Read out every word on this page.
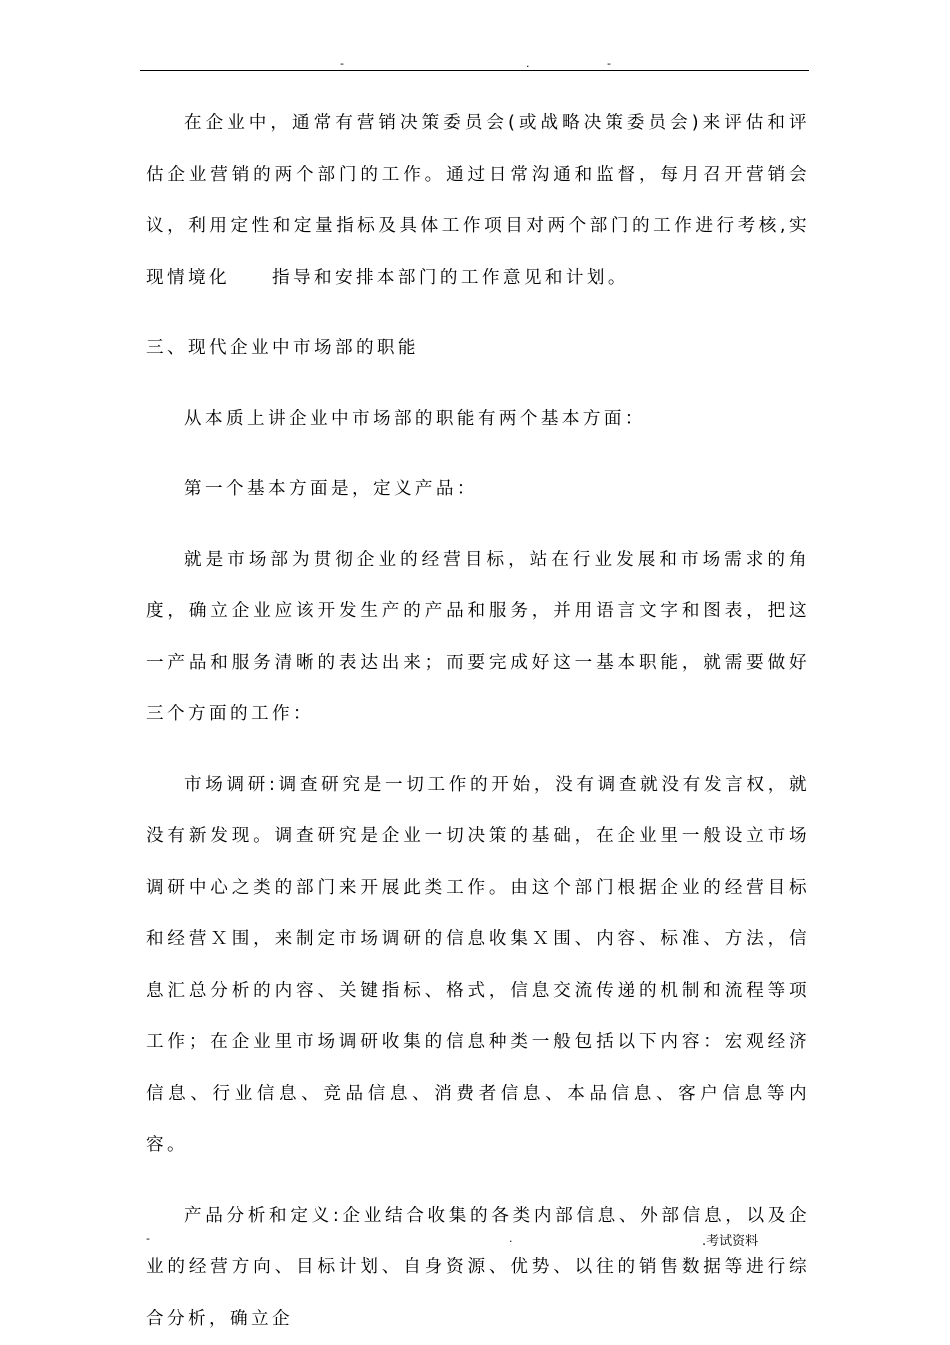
-	.	-

在企业中，通常有营销决策委员会(或战略决策委员会)来评估和评估企业营销的两个部门的工作。通过日常沟通和监督，每月召开营销会议，利用定性和定量指标及具体工作项目对两个部门的工作进行考核,实现情境化　　指导和安排本部门的工作意见和计划。

三、现代企业中市场部的职能

从本质上讲企业中市场部的职能有两个基本方面：

第一个基本方面是，定义产品：

就是市场部为贯彻企业的经营目标，站在行业发展和市场需求的角度，确立企业应该开发生产的产品和服务，并用语言文字和图表，把这一产品和服务清晰的表达出来；而要完成好这一基本职能，就需要做好三个方面的工作：

市场调研:调查研究是一切工作的开始，没有调查就没有发言权，就没有新发现。调查研究是企业一切决策的基础，在企业里一般设立市场调研中心之类的部门来开展此类工作。由这个部门根据企业的经营目标和经营Ｘ围，来制定市场调研的信息收集Ｘ围、内容、标准、方法，信息汇总分析的内容、关键指标、格式，信息交流传递的机制和流程等项工作；在企业里市场调研收集的信息种类一般包括以下内容：宏观经济信息、行业信息、竞品信息、消费者信息、本品信息、客户信息等内容。

产品分析和定义:企业结合收集的各类内部信息、外部信息，以及企业的经营方向、目标计划、自身资源、优势、以往的销售数据等进行综合分析，确立企

-	.	.考试资料
